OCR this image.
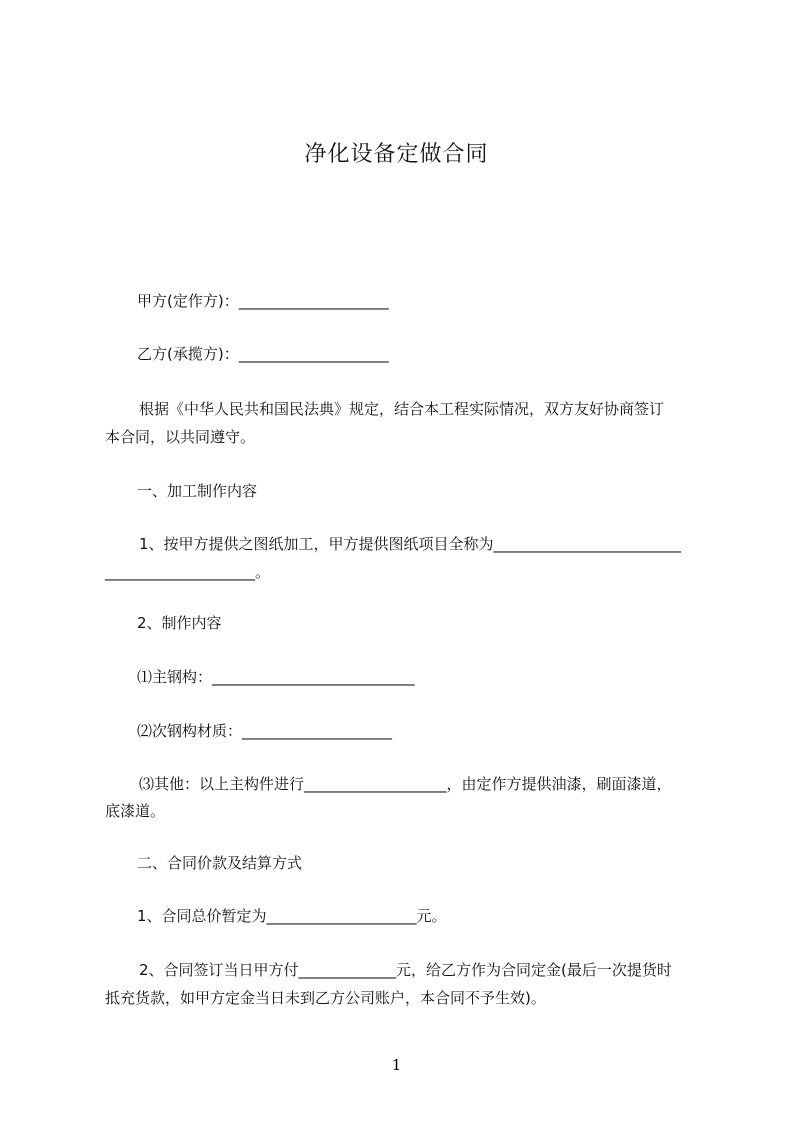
净化设备定做合同
甲方(定作方)：____________________
乙方(承揽方)：____________________
根据《中华人民共和国民法典》规定，结合本工程实际情况，双方友好协商签订
本合同，以共同遵守。
一、加工制作内容
1、按甲方提供之图纸加工，甲方提供图纸项目全称为_________________________
____________________。
2、制作内容
⑴主钢构：___________________________
⑵次钢构材质：____________________
⑶其他：以上主构件进行___________________，由定作方提供油漆，刷面漆道，
底漆道。
二、合同价款及结算方式
1、合同总价暂定为____________________元。
2、合同签订当日甲方付_____________元，给乙方作为合同定金(最后一次提货时
抵充货款，如甲方定金当日未到乙方公司账户，本合同不予生效)。
1
